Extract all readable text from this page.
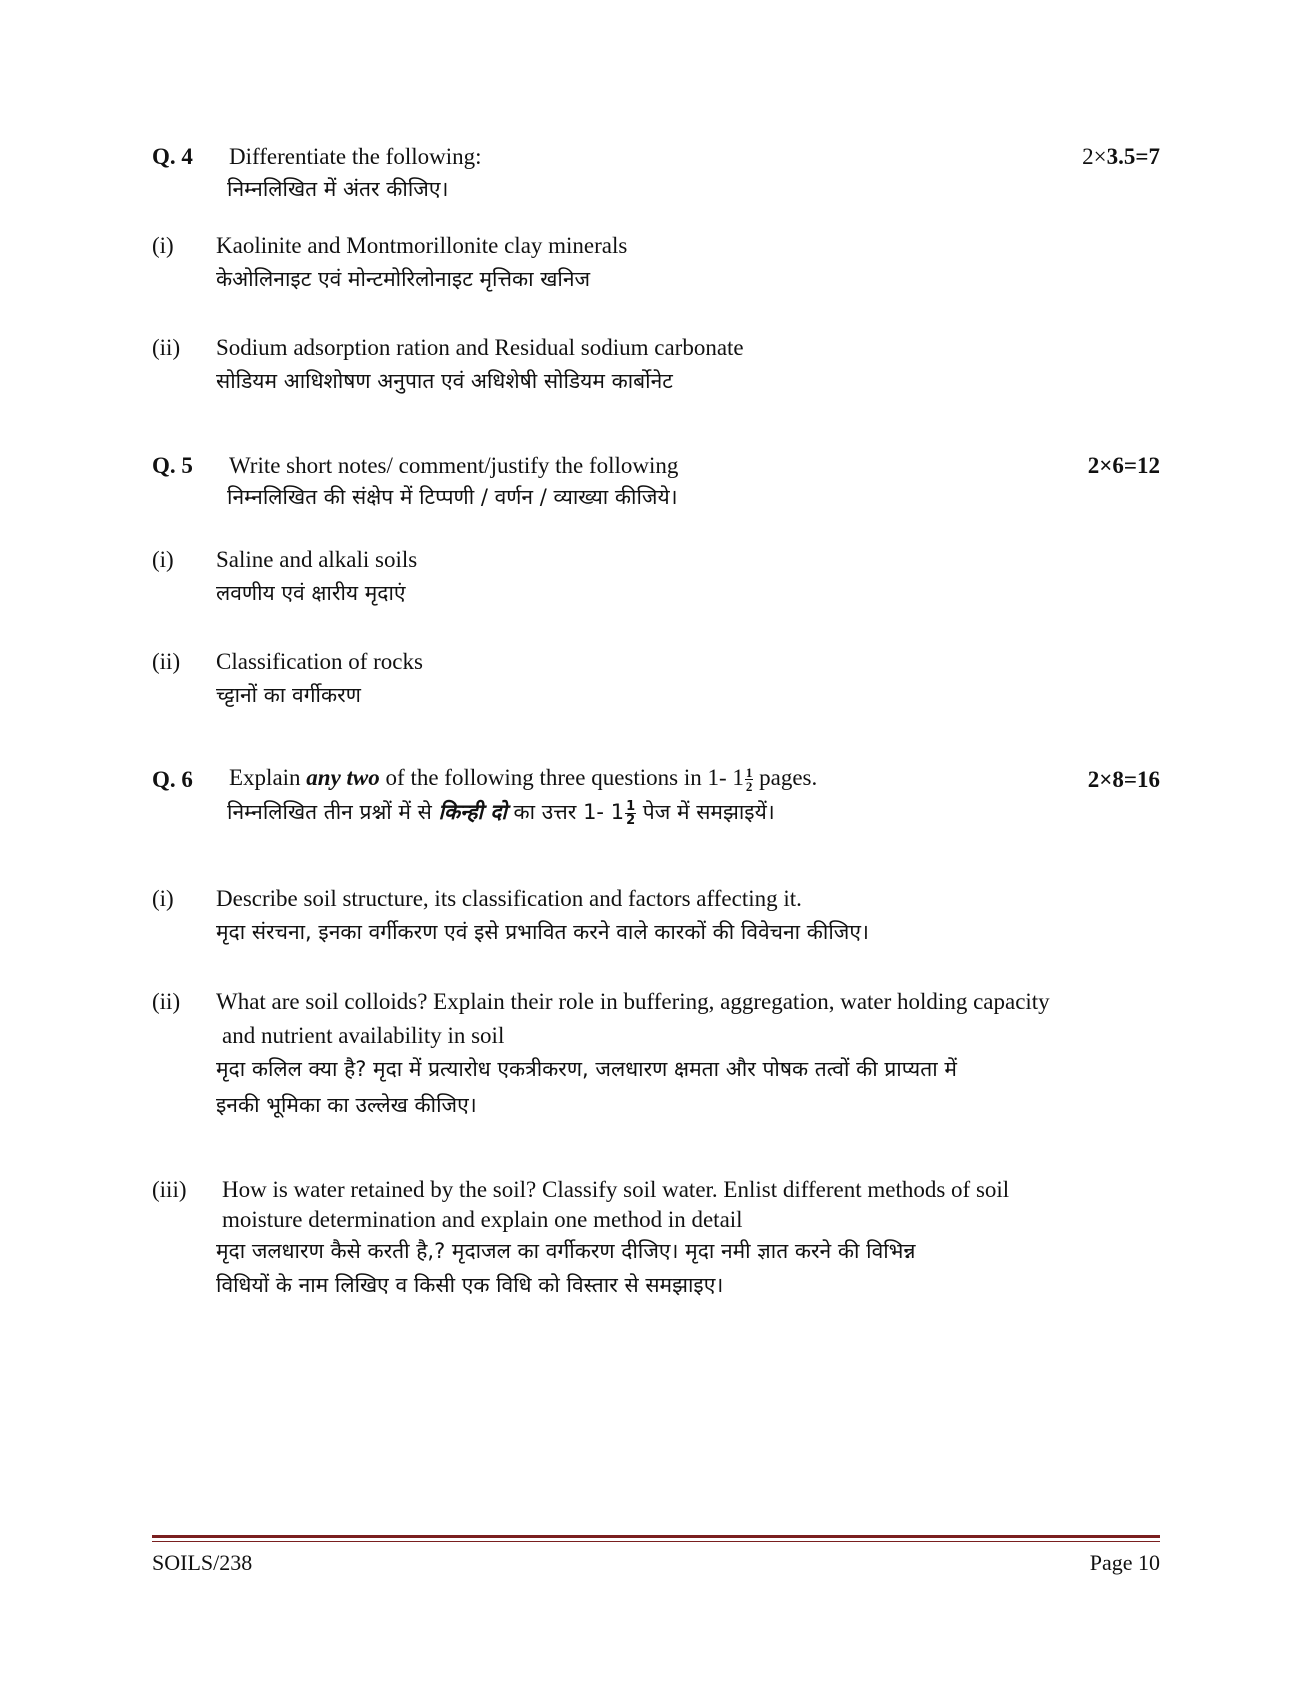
Q. 4 Differentiate the following:	2×3.5=7
निम्नलिखित में अंतर कीजिए।
(i) Kaolinite and Montmorillonite clay minerals
केओलिनाइट एवं मोन्टमोरिलोनाइट मृत्तिका खनिज
(ii) Sodium adsorption ration and Residual sodium carbonate
सोडियम आधिशोषण अनुपात एवं अधिशेषी सोडियम कार्बोनेट
Q. 5 Write short notes/ comment/justify the following	2×6=12
निम्नलिखित की संक्षेप में टिप्पणी / वर्णन / व्याख्या कीजिये।
(i) Saline and alkali soils
लवणीय एवं क्षारीय मृदाएं
(ii) Classification of rocks
च्ट्टानों का वर्गीकरण
Q. 6 Explain any two of the following three questions in 1- $1 \frac{1}{2}$ pages.	2×8=16
निम्नलिखित तीन प्रश्नों में से किन्ही दो का उत्तर 1- $1 \frac{1}{2}$ पेज में समझाइयें।
(i) Describe soil structure, its classification and factors affecting it.
मृदा संरचना, इनका वर्गीकरण एवं इसे प्रभावित करने वाले कारकों की विवेचना कीजिए।
(ii) What are soil colloids? Explain their role in buffering, aggregation, water holding capacity
and nutrient availability in soil
मृदा कलिल क्या है? मृदा में प्रत्यारोध एकत्रीकरण, जलधारण क्षमता और पोषक तत्वों की प्राप्यता में
इनकी भूमिका का उल्लेख कीजिए।
(iii) How is water retained by the soil? Classify soil water. Enlist different methods of soil
moisture determination and explain one method in detail
मृदा जलधारण कैसे करती है,? मृदाजल का वर्गीकरण दीजिए। मृदा नमी ज्ञात करने की विभिन्न
विधियों के नाम लिखिए व किसी एक विधि को विस्तार से समझाइए।
SOILS/238	Page 10
